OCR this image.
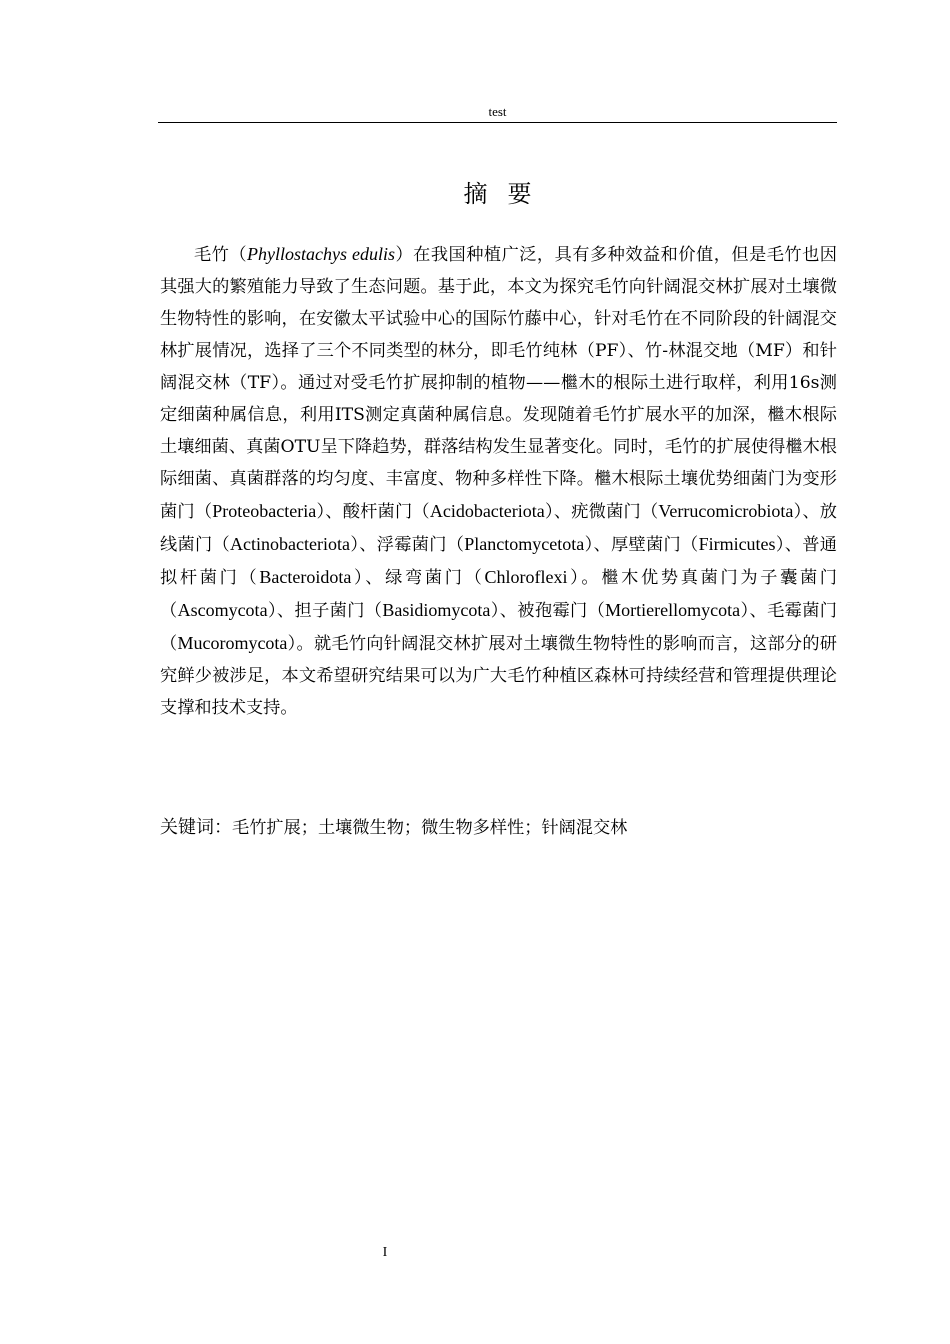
test
摘要

毛竹（Phyllostachys edulis）在我国种植广泛，具有多种效益和价值，但是毛竹也因其强大的繁殖能力导致了生态问题。基于此，本文为探究毛竹向针阔混交林扩展对土壤微生物特性的影响，在安徽太平试验中心的国际竹藤中心，针对毛竹在不同阶段的针阔混交林扩展情况，选择了三个不同类型的林分，即毛竹纯林（PF）、竹-林混交地（MF）和针阔混交林（TF）。通过对受毛竹扩展抑制的植物——檵木的根际土进行取样，利用16s测定细菌种属信息，利用ITS测定真菌种属信息。发现随着毛竹扩展水平的加深，檵木根际土壤细菌、真菌OTU呈下降趋势，群落结构发生显著变化。同时，毛竹的扩展使得檵木根际细菌、真菌群落的均匀度、丰富度、物种多样性下降。檵木根际土壤优势细菌门为变形菌门（Proteobacteria）、酸杆菌门（Acidobacteriota）、疣微菌门（Verrucomicrobiota）、放线菌门（Actinobacteriota）、浮霉菌门（Planctomycetota）、厚壁菌门（Firmicutes）、普通拟杆菌门（Bacteroidota）、绿弯菌门（Chloroflexi）。檵木优势真菌门为子囊菌门（Ascomycota）、担子菌门（Basidiomycota）、被孢霉门（Mortierellomycota）、毛霉菌门（Mucoromycota）。就毛竹向针阔混交林扩展对土壤微生物特性的影响而言，这部分的研究鲜少被涉足，本文希望研究结果可以为广大毛竹种植区森林可持续经营和管理提供理论支撑和技术支持。

关键词：毛竹扩展；土壤微生物；微生物多样性；针阔混交林
I
